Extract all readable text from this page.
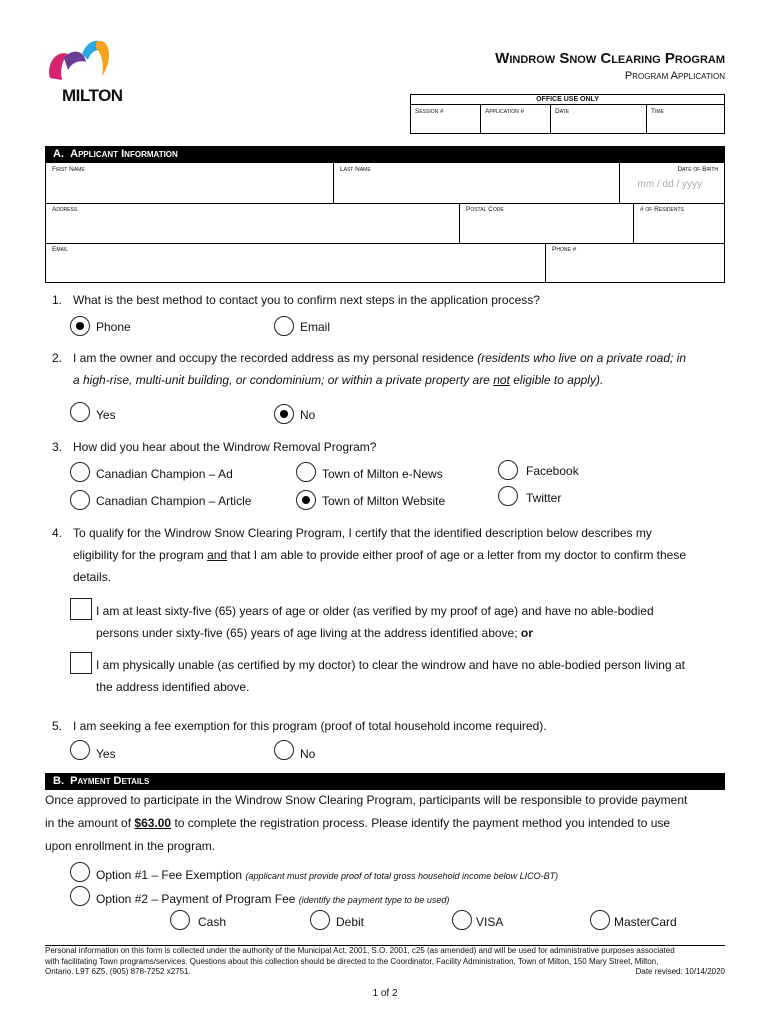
MILTON
Windrow Snow Clearing Program
Program Application
OFFICE USE ONLY
Session #	Application #	Date	Time
A. Applicant Information
First Name	Last Name	Date of Birth
mm / dd / yyyy
Address	Postal Code	# of Residents
Email	Phone #
1. What is the best method to contact you to confirm next steps in the application process?
Phone	Email
2. I am the owner and occupy the recorded address as my personal residence (residents who live on a private road; in
a high-rise, multi-unit building, or condominium; or within a private property are not eligible to apply).
Yes	No
3. How did you hear about the Windrow Removal Program?
Canadian Champion – Ad	Town of Milton e-News	Facebook
Canadian Champion – Article	Town of Milton Website	Twitter
4. To qualify for the Windrow Snow Clearing Program, I certify that the identified description below describes my
eligibility for the program and that I am able to provide either proof of age or a letter from my doctor to confirm these
details.
I am at least sixty-five (65) years of age or older (as verified by my proof of age) and have no able-bodied
persons under sixty-five (65) years of age living at the address identified above; or
I am physically unable (as certified by my doctor) to clear the windrow and have no able-bodied person living at
the address identified above.
5. I am seeking a fee exemption for this program (proof of total household income required).
Yes	No
B. Payment Details
Once approved to participate in the Windrow Snow Clearing Program, participants will be responsible to provide payment
in the amount of $63.00 to complete the registration process. Please identify the payment method you intended to use
upon enrollment in the program.
Option #1 – Fee Exemption (applicant must provide proof of total gross household income below LICO-BT)
Option #2 – Payment of Program Fee (identify the payment type to be used)
Cash	Debit	VISA	MasterCard
Personal information on this form is collected under the authority of the Municipal Act, 2001, S.O. 2001, c25 (as amended) and will be used for administrative purposes associated
with facilitating Town programs/services. Questions about this collection should be directed to the Coordinator, Facility Administration, Town of Milton, 150 Mary Street, Milton,
Ontario. L9T 6Z5, (905) 878-7252 x2751.	Date revised: 10/14/2020
1 of 2
